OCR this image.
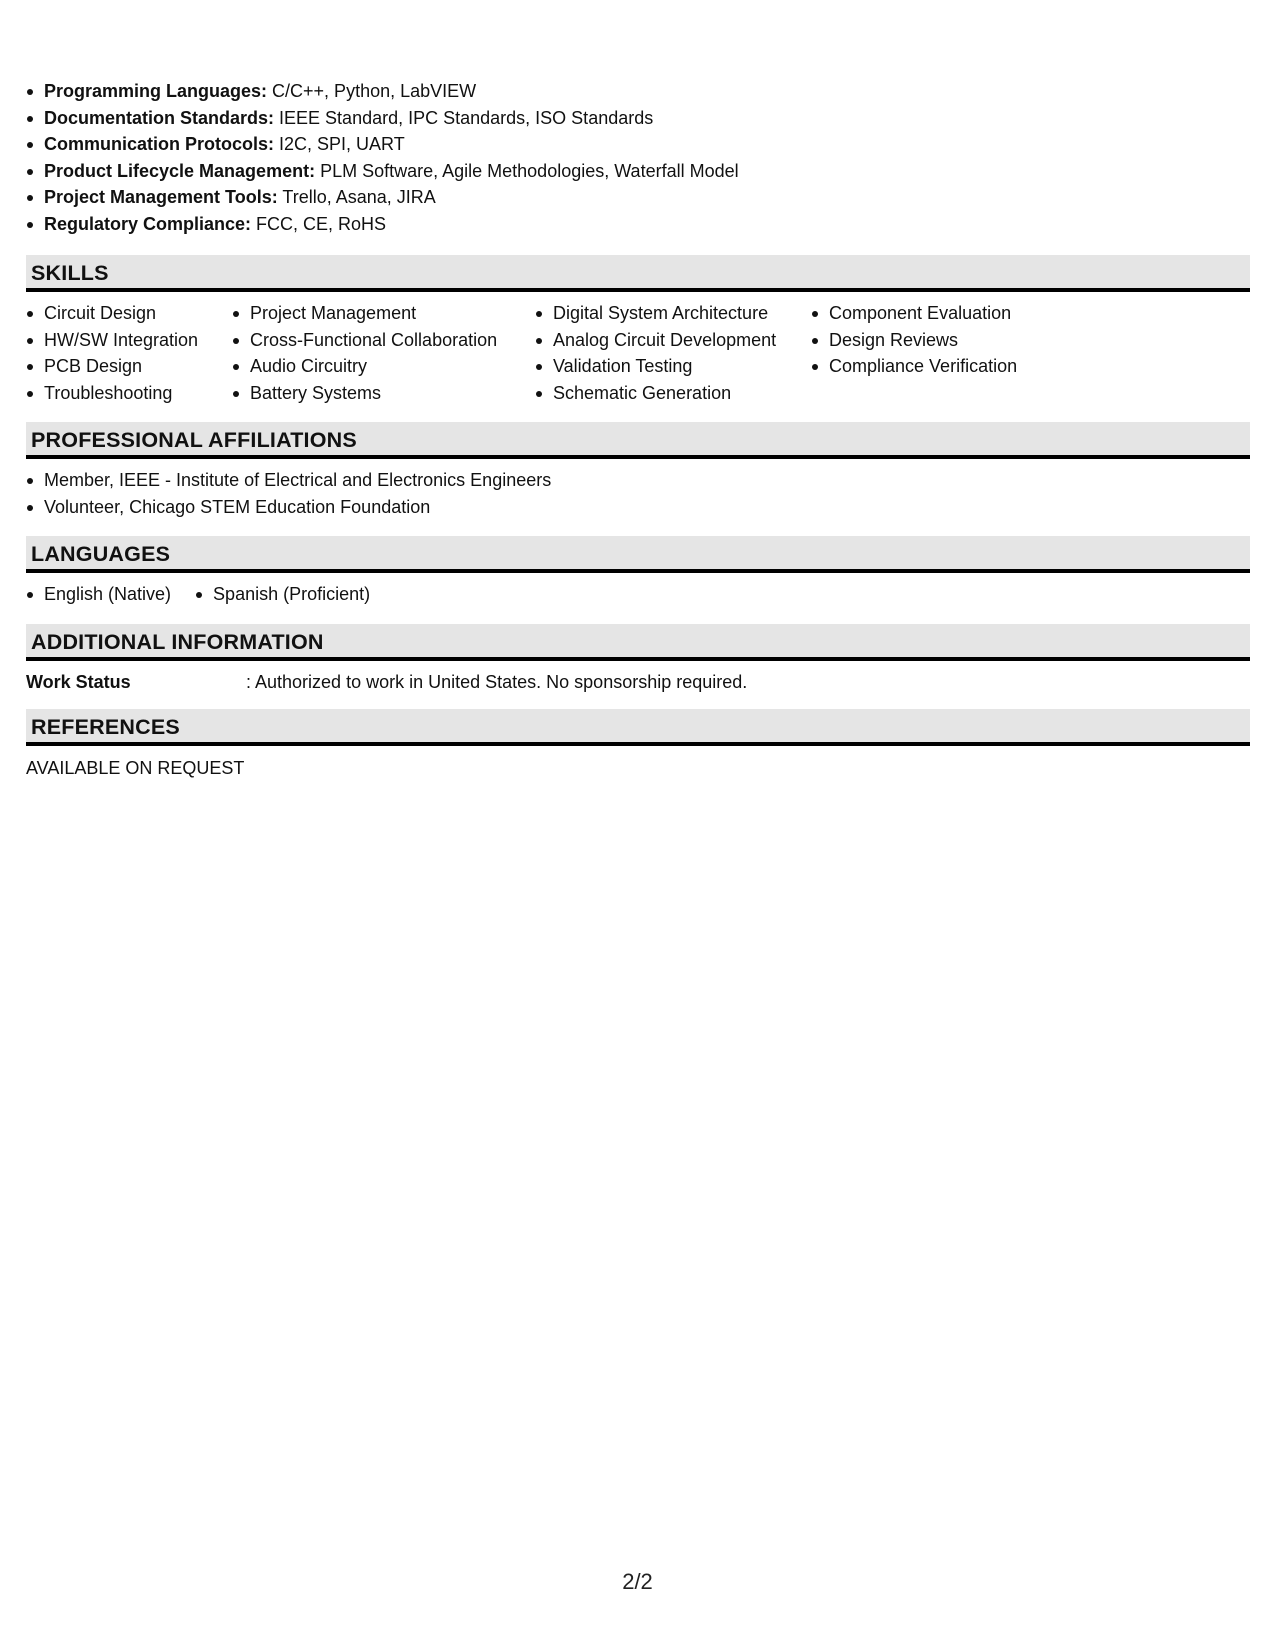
Programming Languages: C/C++, Python, LabVIEW
Documentation Standards: IEEE Standard, IPC Standards, ISO Standards
Communication Protocols: I2C, SPI, UART
Product Lifecycle Management: PLM Software, Agile Methodologies, Waterfall Model
Project Management Tools: Trello, Asana, JIRA
Regulatory Compliance: FCC, CE, RoHS
SKILLS
Circuit Design
HW/SW Integration
PCB Design
Troubleshooting
Project Management
Cross-Functional Collaboration
Audio Circuitry
Battery Systems
Digital System Architecture
Analog Circuit Development
Validation Testing
Schematic Generation
Component Evaluation
Design Reviews
Compliance Verification
PROFESSIONAL AFFILIATIONS
Member, IEEE - Institute of Electrical and Electronics Engineers
Volunteer, Chicago STEM Education Foundation
LANGUAGES
English (Native)	Spanish (Proficient)
ADDITIONAL INFORMATION
Work Status	: Authorized to work in United States. No sponsorship required.
REFERENCES
AVAILABLE ON REQUEST
2/2
